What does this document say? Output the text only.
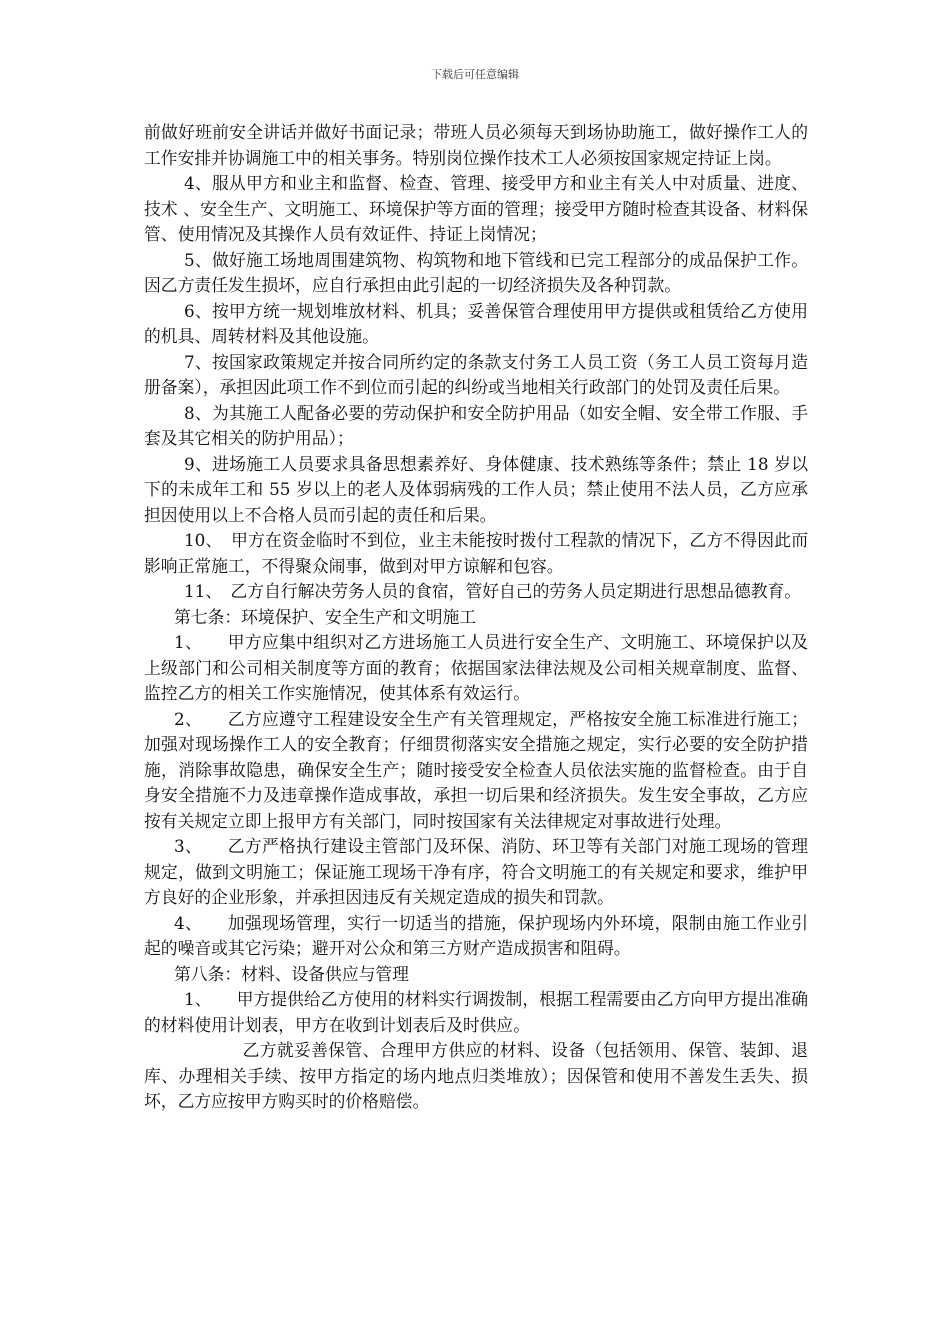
下载后可任意编辑

前做好班前安全讲话并做好书面记录；带班人员必须每天到场协助施工，做好操作工人的工作安排并协调施工中的相关事务。特别岗位操作技术工人必须按国家规定持证上岗。

4、服从甲方和业主和监督、检查、管理、接受甲方和业主有关人中对质量、进度、技术 、安全生产、文明施工、环境保护等方面的管理；接受甲方随时检查其设备、材料保管、使用情况及其操作人员有效证件、持证上岗情况；

5、做好施工场地周围建筑物、构筑物和地下管线和已完工程部分的成品保护工作。因乙方责任发生损坏，应自行承担由此引起的一切经济损失及各种罚款。

6、按甲方统一规划堆放材料、机具；妥善保管合理使用甲方提供或租赁给乙方使用的机具、周转材料及其他设施。

7、按国家政策规定并按合同所约定的条款支付务工人员工资（务工人员工资每月造册备案），承担因此项工作不到位而引起的纠纷或当地相关行政部门的处罚及责任后果。

8、为其施工人配备必要的劳动保护和安全防护用品（如安全帽、安全带工作服、手套及其它相关的防护用品）；

9、进场施工人员要求具备思想素养好、身体健康、技术熟练等条件；禁止 18 岁以下的未成年工和 55 岁以上的老人及体弱病残的工作人员；禁止使用不法人员，乙方应承担因使用以上不合格人员而引起的责任和后果。

10、　甲方在资金临时不到位，业主未能按时拨付工程款的情况下，乙方不得因此而影响正常施工，不得聚众闹事，做到对甲方谅解和包容。

11、　乙方自行解决劳务人员的食宿，管好自己的劳务人员定期进行思想品德教育。

第七条：环境保护、安全生产和文明施工

1、　　甲方应集中组织对乙方进场施工人员进行安全生产、文明施工、环境保护以及上级部门和公司相关制度等方面的教育；依据国家法律法规及公司相关规章制度、监督、监控乙方的相关工作实施情况，使其体系有效运行。

2、　　乙方应遵守工程建设安全生产有关管理规定，严格按安全施工标准进行施工；加强对现场操作工人的安全教育；仔细贯彻落实安全措施之规定，实行必要的安全防护措施，消除事故隐患，确保安全生产；随时接受安全检查人员依法实施的监督检查。由于自身安全措施不力及违章操作造成事故，承担一切后果和经济损失。发生安全事故，乙方应按有关规定立即上报甲方有关部门，同时按国家有关法律规定对事故进行处理。

3、　　乙方严格执行建设主管部门及环保、消防、环卫等有关部门对施工现场的管理规定，做到文明施工；保证施工现场干净有序，符合文明施工的有关规定和要求，维护甲方良好的企业形象，并承担因违反有关规定造成的损失和罚款。

4、　　加强现场管理，实行一切适当的措施，保护现场内外环境，限制由施工作业引起的噪音或其它污染；避开对公众和第三方财产造成损害和阻碍。

第八条：材料、设备供应与管理

1、　　甲方提供给乙方使用的材料实行调拨制，根据工程需要由乙方向甲方提出准确的材料使用计划表，甲方在收到计划表后及时供应。

　　　　乙方就妥善保管、合理甲方供应的材料、设备（包括领用、保管、装卸、退库、办理相关手续、按甲方指定的场内地点归类堆放）；因保管和使用不善发生丢失、损坏，乙方应按甲方购买时的价格赔偿。
